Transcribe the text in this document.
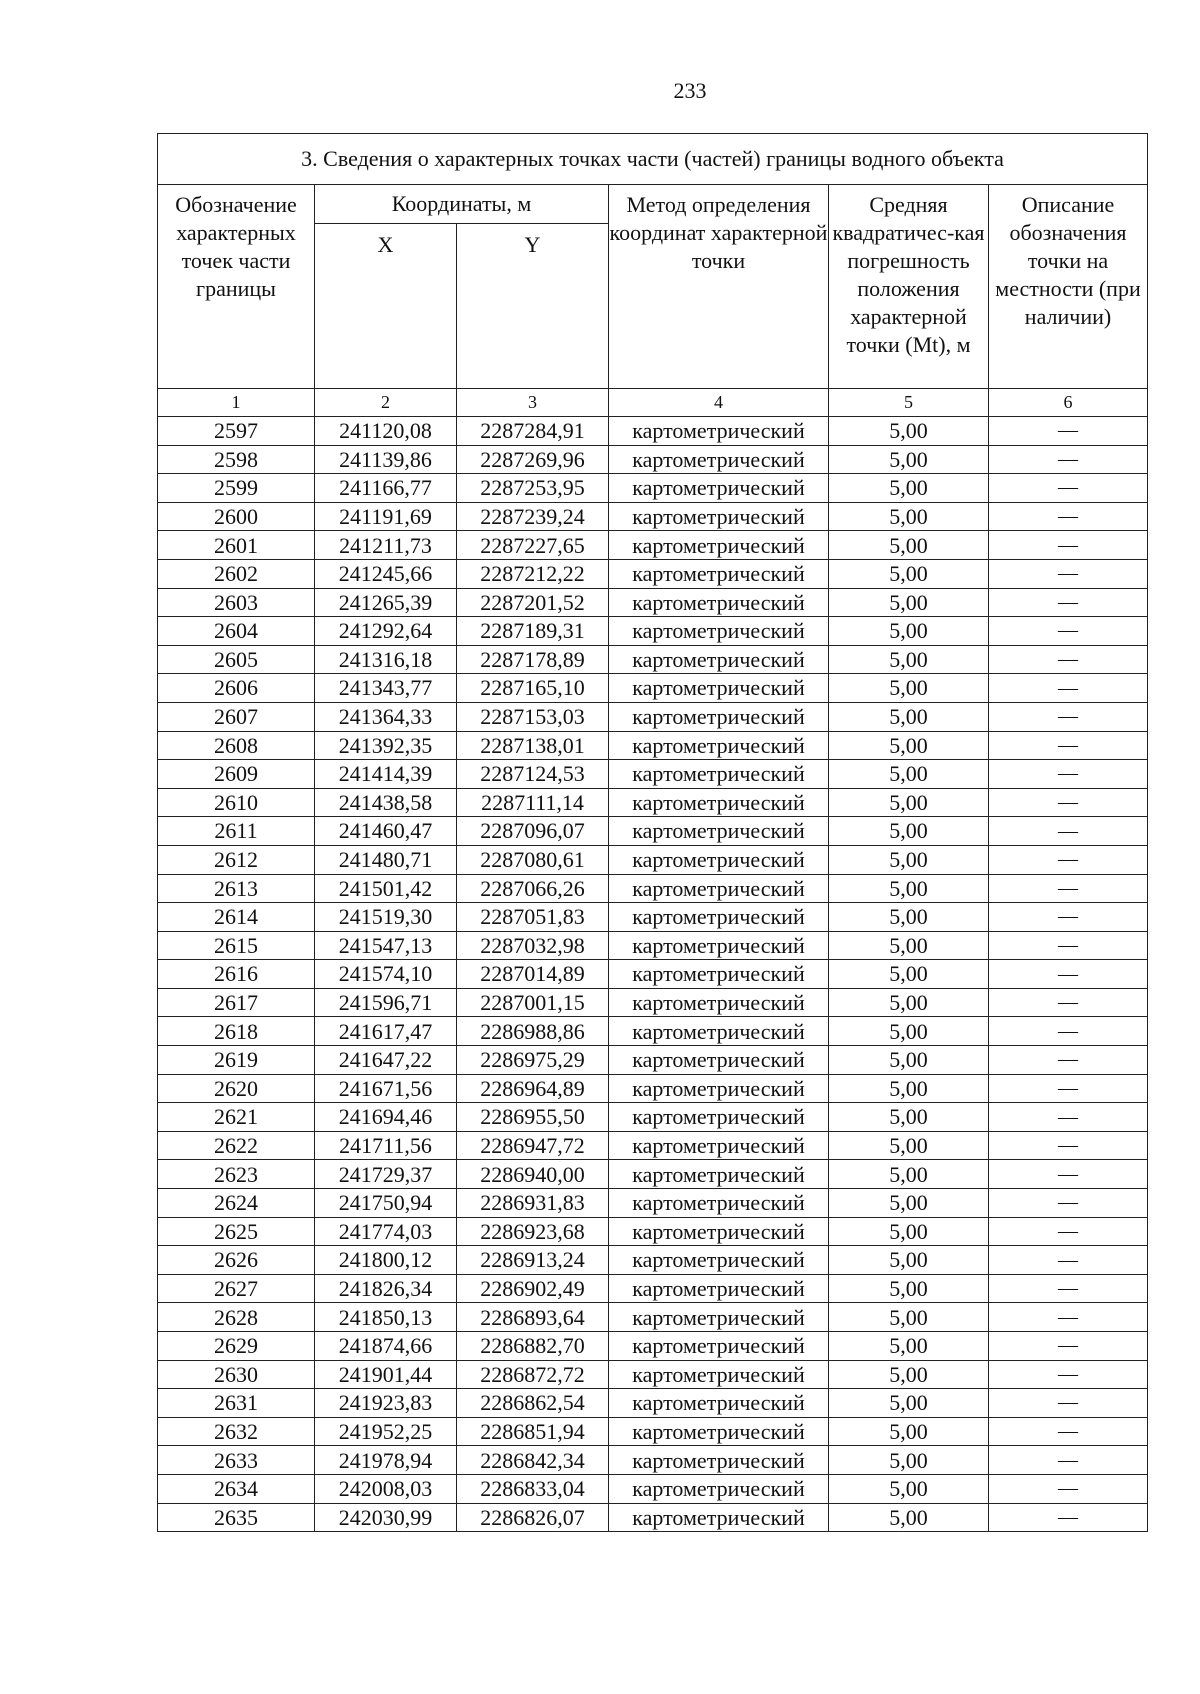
233
3. Сведения о характерных точках части (частей) границы водного объекта					
Обозначение характерных точек части границы	Координаты, м		Метод определения координат характерной точки	Средняя квадратичес-кая погрешность положения характерной точки (Mt), м	Описание обозначения точки на местности (при наличии)
	X	Y			
1	2	3	4	5	6
2597	241120,08	2287284,91	картометрический	5,00	—
2598	241139,86	2287269,96	картометрический	5,00	—
2599	241166,77	2287253,95	картометрический	5,00	—
2600	241191,69	2287239,24	картометрический	5,00	—
2601	241211,73	2287227,65	картометрический	5,00	—
2602	241245,66	2287212,22	картометрический	5,00	—
2603	241265,39	2287201,52	картометрический	5,00	—
2604	241292,64	2287189,31	картометрический	5,00	—
2605	241316,18	2287178,89	картометрический	5,00	—
2606	241343,77	2287165,10	картометрический	5,00	—
2607	241364,33	2287153,03	картометрический	5,00	—
2608	241392,35	2287138,01	картометрический	5,00	—
2609	241414,39	2287124,53	картометрический	5,00	—
2610	241438,58	2287111,14	картометрический	5,00	—
2611	241460,47	2287096,07	картометрический	5,00	—
2612	241480,71	2287080,61	картометрический	5,00	—
2613	241501,42	2287066,26	картометрический	5,00	—
2614	241519,30	2287051,83	картометрический	5,00	—
2615	241547,13	2287032,98	картометрический	5,00	—
2616	241574,10	2287014,89	картометрический	5,00	—
2617	241596,71	2287001,15	картометрический	5,00	—
2618	241617,47	2286988,86	картометрический	5,00	—
2619	241647,22	2286975,29	картометрический	5,00	—
2620	241671,56	2286964,89	картометрический	5,00	—
2621	241694,46	2286955,50	картометрический	5,00	—
2622	241711,56	2286947,72	картометрический	5,00	—
2623	241729,37	2286940,00	картометрический	5,00	—
2624	241750,94	2286931,83	картометрический	5,00	—
2625	241774,03	2286923,68	картометрический	5,00	—
2626	241800,12	2286913,24	картометрический	5,00	—
2627	241826,34	2286902,49	картометрический	5,00	—
2628	241850,13	2286893,64	картометрический	5,00	—
2629	241874,66	2286882,70	картометрический	5,00	—
2630	241901,44	2286872,72	картометрический	5,00	—
2631	241923,83	2286862,54	картометрический	5,00	—
2632	241952,25	2286851,94	картометрический	5,00	—
2633	241978,94	2286842,34	картометрический	5,00	—
2634	242008,03	2286833,04	картометрический	5,00	—
2635	242030,99	2286826,07	картометрический	5,00	—
